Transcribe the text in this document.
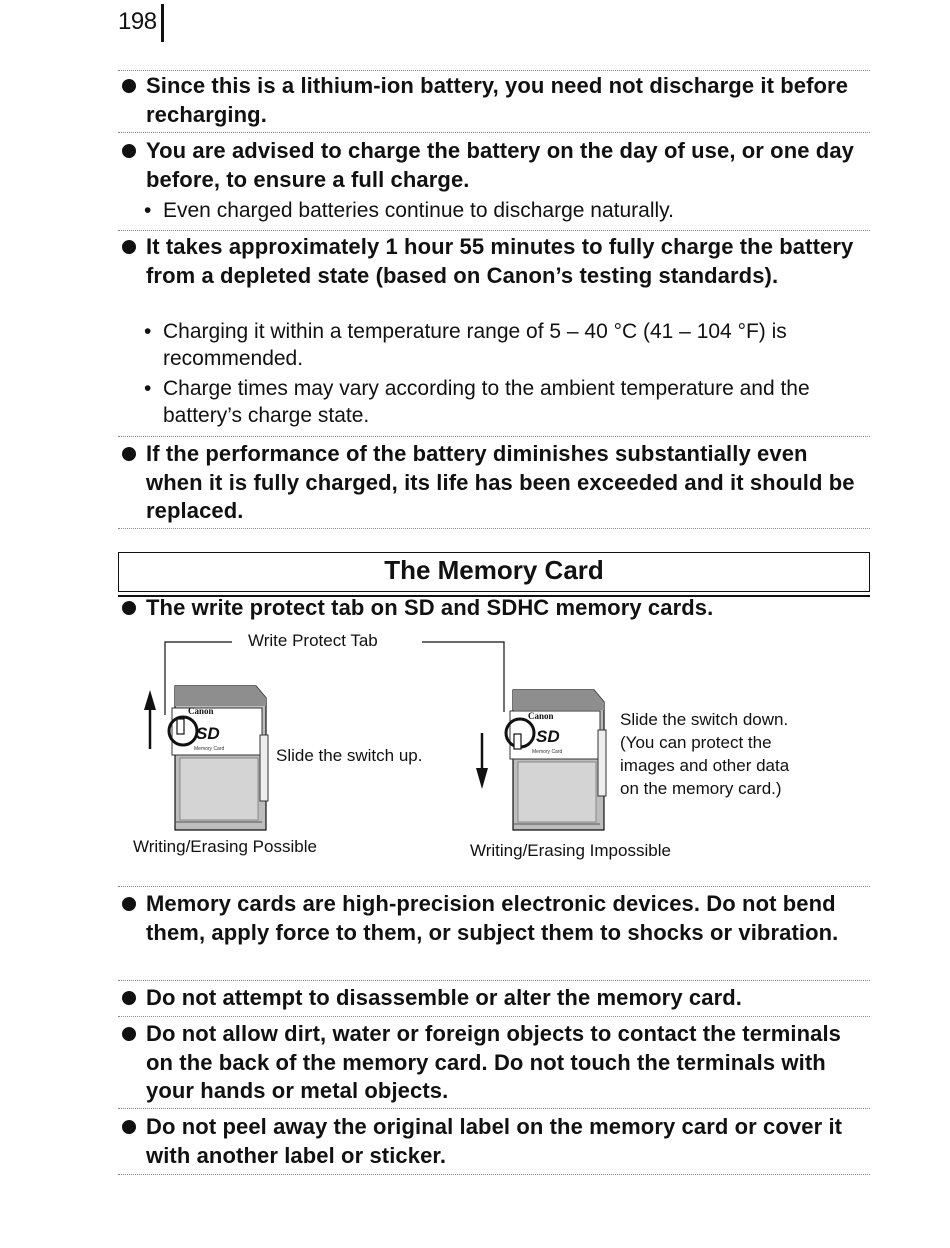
198
Since this is a lithium-ion battery, you need not discharge it before recharging.
You are advised to charge the battery on the day of use, or one day before, to ensure a full charge.
• Even charged batteries continue to discharge naturally.
It takes approximately 1 hour 55 minutes to fully charge the battery from a depleted state (based on Canon’s testing standards).
• Charging it within a temperature range of 5 – 40 °C (41 – 104 °F) is recommended.
• Charge times may vary according to the ambient temperature and the battery’s charge state.
If the performance of the battery diminishes substantially even when it is fully charged, its life has been exceeded and it should be replaced.
The Memory Card
The write protect tab on SD and SDHC memory cards.
Canon
SD
Memory Card
Canon
SD
Memory Card
Write Protect Tab
Slide the switch up.
Slide the switch down.
(You can protect the
images and other data
on the memory card.)
Writing/Erasing Possible	Writing/Erasing Impossible
Memory cards are high-precision electronic devices. Do not bend them, apply force to them, or subject them to shocks or vibration.
Do not attempt to disassemble or alter the memory card.
Do not allow dirt, water or foreign objects to contact the terminals on the back of the memory card. Do not touch the terminals with your hands or metal objects.
Do not peel away the original label on the memory card or cover it with another label or sticker.
